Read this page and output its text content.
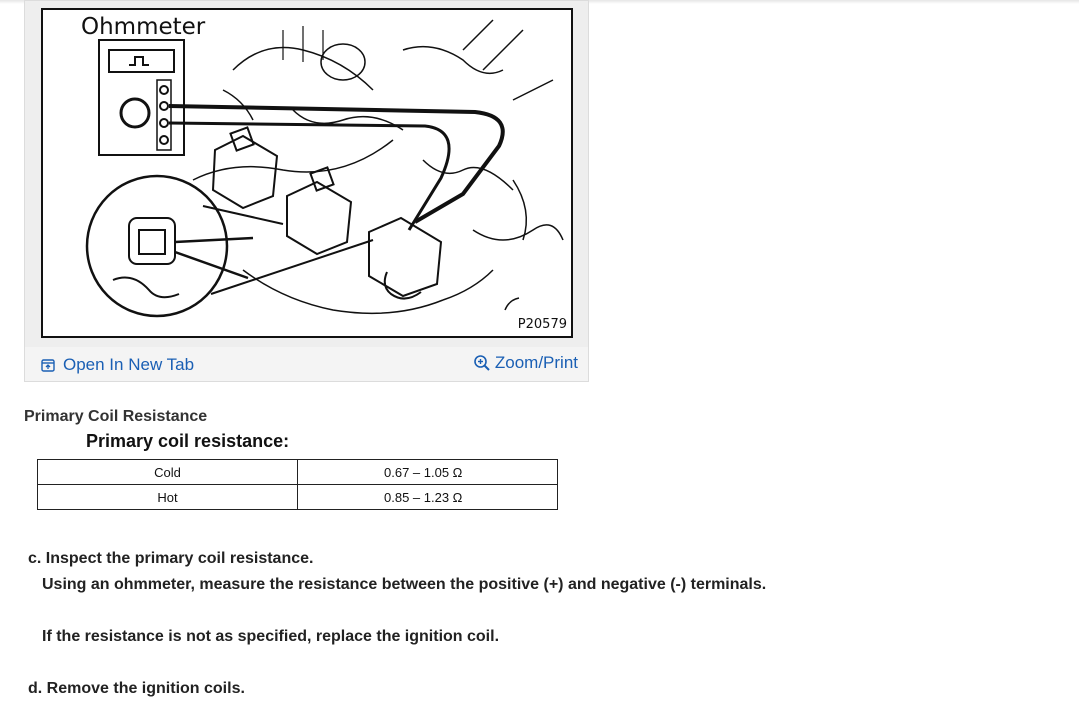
Ohmmeter
P20579
Open In New Tab	Zoom/Print
Primary Coil Resistance
Primary coil resistance:
Cold	0.67 – 1.05 Ω
Hot	0.85 – 1.23 Ω
c. Inspect the primary coil resistance.
Using an ohmmeter, measure the resistance between the positive (+) and negative (-) terminals.
If the resistance is not as specified, replace the ignition coil.
d. Remove the ignition coils.
